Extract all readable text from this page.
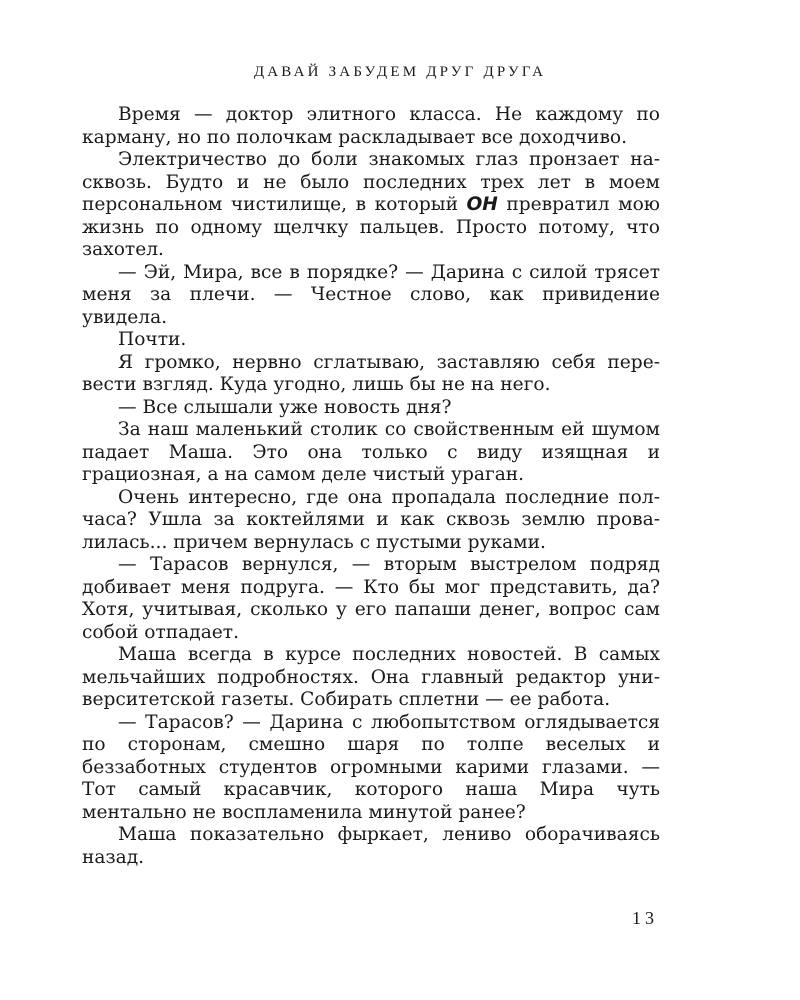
ДАВАЙ ЗАБУДЕМ ДРУГ ДРУГА

Время — доктор элитного класса. Не каждому по карману, но по полочкам раскладывает все доходчиво.

Электричество до боли знакомых глаз пронзает насквозь. Будто и не было последних трех лет в моем персональном чистилище, в который ОН превратил мою жизнь по одному щелчку пальцев. Просто потому, что захотел.

— Эй, Мира, все в порядке? — Дарина с силой трясет меня за плечи. — Честное слово, как привидение увидела.

Почти.

Я громко, нервно сглатываю, заставляю себя перевести взгляд. Куда угодно, лишь бы не на него.

— Все слышали уже новость дня?

За наш маленький столик со свойственным ей шумом падает Маша. Это она только с виду изящная и грациозная, а на самом деле чистый ураган.

Очень интересно, где она пропадала последние полчаса? Ушла за коктейлями и как сквозь землю провалилась... причем вернулась с пустыми руками.

— Тарасов вернулся, — вторым выстрелом подряд добивает меня подруга. — Кто бы мог представить, да? Хотя, учитывая, сколько у его папаши денег, вопрос сам собой отпадает.

Маша всегда в курсе последних новостей. В самых мельчайших подробностях. Она главный редактор университетской газеты. Собирать сплетни — ее работа.

— Тарасов? — Дарина с любопытством оглядывается по сторонам, смешно шаря по толпе веселых и беззаботных студентов огромными карими глазами. — Тот самый красавчик, которого наша Мира чуть ментально не воспламенила минутой ранее?

Маша показательно фыркает, лениво оборачиваясь назад.

13
